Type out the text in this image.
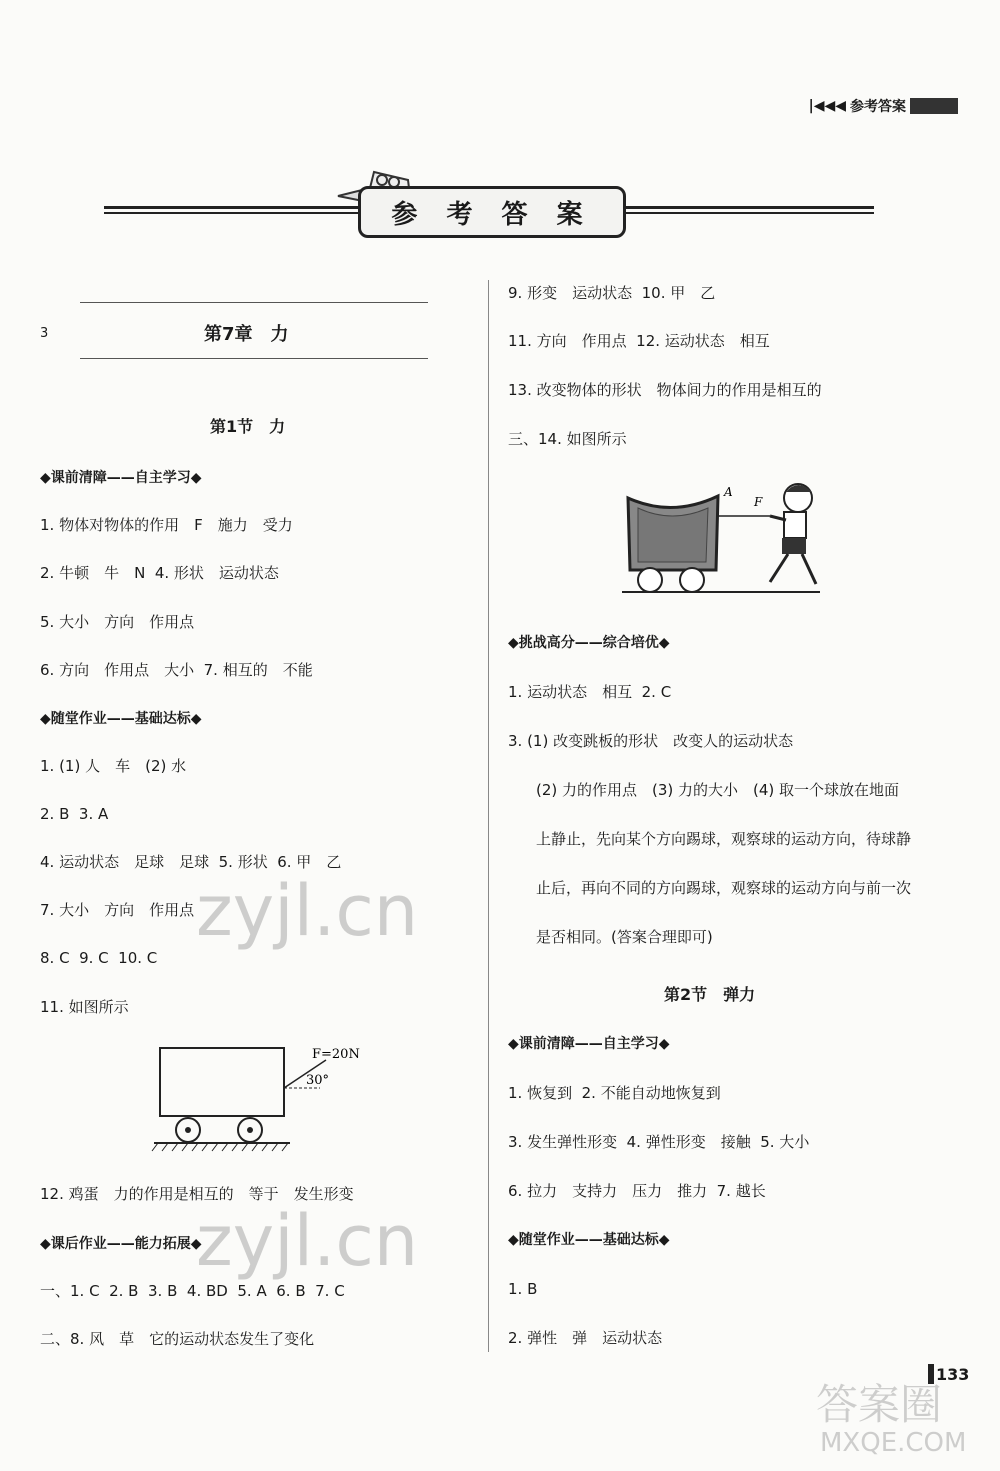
|◀◀◀ 参考答案
参 考 答 案
3	第7章　力
第1节　力
◆课前清障——自主学习◆
1. 物体对物体的作用　F　施力　受力
2. 牛顿　牛　N  4. 形状　运动状态
5. 大小　方向　作用点
6. 方向　作用点　大小  7. 相互的　不能
◆随堂作业——基础达标◆
1. (1) 人　车　(2) 水
2. B  3. A
4. 运动状态　足球　足球  5. 形状  6. 甲　乙
7. 大小　方向　作用点
8. C  9. C  10. C
11. 如图所示
F=20N
30°
12. 鸡蛋　力的作用是相互的　等于　发生形变
◆课后作业——能力拓展◆
一、1. C  2. B  3. B  4. BD  5. A  6. B  7. C
二、8. 风　草　它的运动状态发生了变化
9. 形变　运动状态  10. 甲　乙
11. 方向　作用点  12. 运动状态　相互
13. 改变物体的形状　物体间力的作用是相互的
三、14. 如图所示
A
F
◆挑战高分——综合培优◆
1. 运动状态　相互  2. C
3. (1) 改变跳板的形状　改变人的运动状态
(2) 力的作用点　(3) 力的大小　(4) 取一个球放在地面
上静止，先向某个方向踢球，观察球的运动方向，待球静
止后，再向不同的方向踢球，观察球的运动方向与前一次
是否相同。(答案合理即可)
第2节　弹力
◆课前清障——自主学习◆
1. 恢复到  2. 不能自动地恢复到
3. 发生弹性形变  4. 弹性形变　接触  5. 大小
6. 拉力　支持力　压力　推力  7. 越长
◆随堂作业——基础达标◆
1. B
2. 弹性　弹　运动状态
133
zyjl.cn
zyjl.cn
答案圈
MXQE.COM
